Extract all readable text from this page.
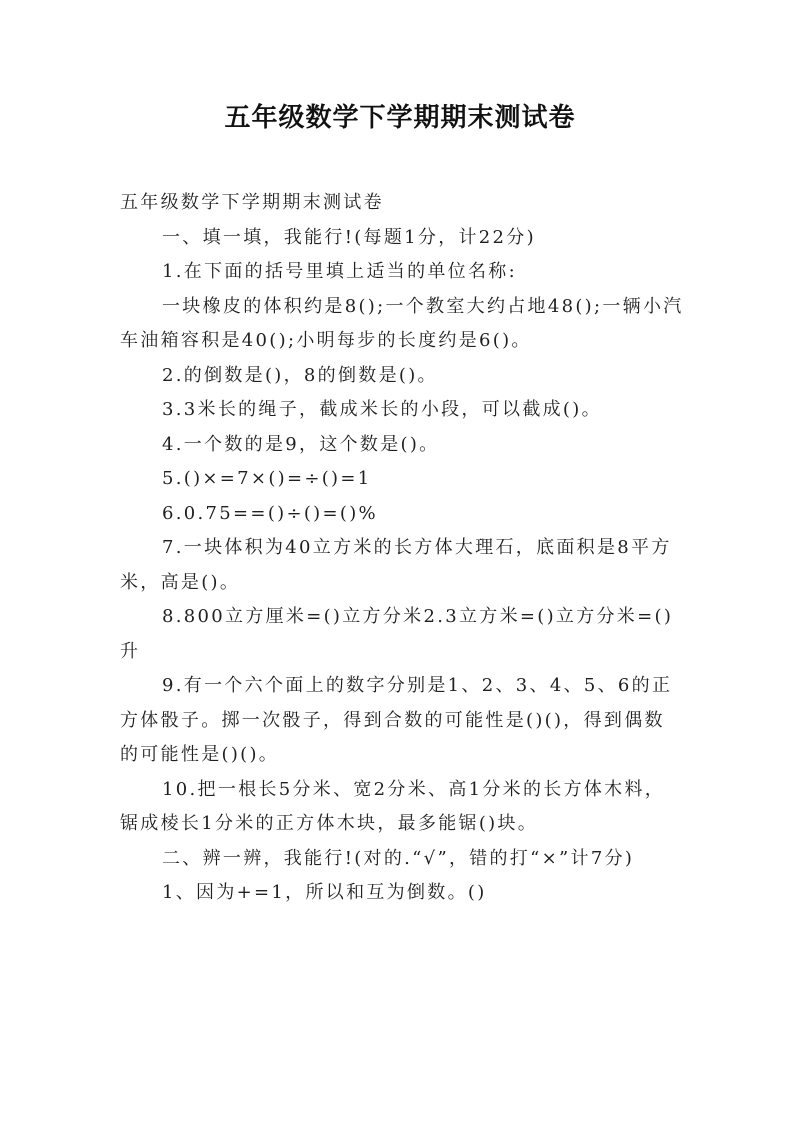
五年级数学下学期期末测试卷

五年级数学下学期期末测试卷

一、填一填，我能行!(每题1分，计22分)

1.在下面的括号里填上适当的单位名称:

一块橡皮的体积约是8();一个教室大约占地48();一辆小汽车油箱容积是40();小明每步的长度约是6()。

2.的倒数是()，8的倒数是()。

3.3米长的绳子，截成米长的小段，可以截成()。

4.一个数的是9，这个数是()。

5.()×=7×()=÷()=1

6.0.75==()÷()=()%

7.一块体积为40立方米的长方体大理石，底面积是8平方米，高是()。

8.800立方厘米=()立方分米2.3立方米=()立方分米=()升

9.有一个六个面上的数字分别是1、2、3、4、5、6的正方体骰子。掷一次骰子，得到合数的可能性是()()，得到偶数的可能性是()()。

10.把一根长5分米、宽2分米、高1分米的长方体木料，锯成棱长1分米的正方体木块，最多能锯()块。

二、辨一辨，我能行!(对的.“√”，错的打“×”计7分)

1、因为+=1，所以和互为倒数。()
